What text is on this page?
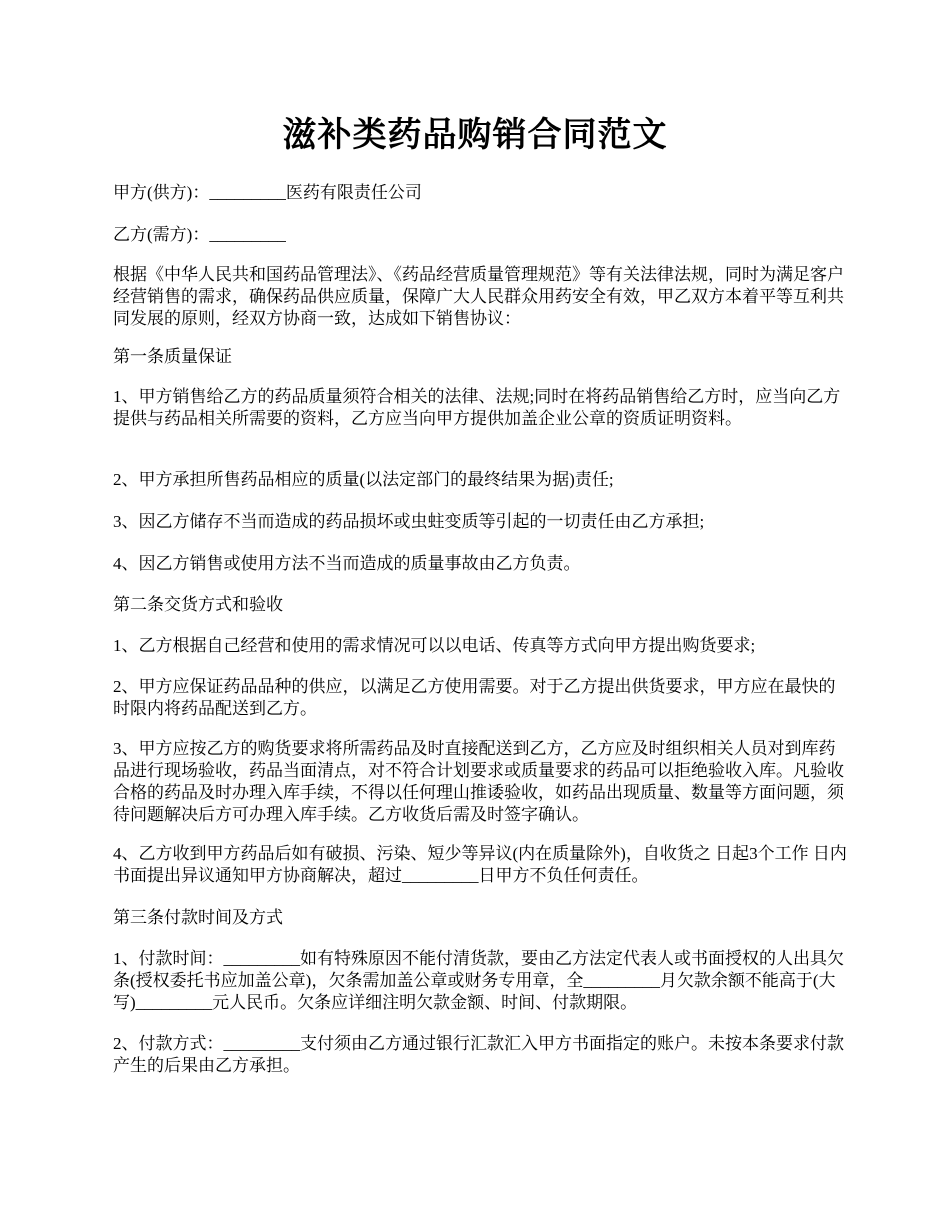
滋补类药品购销合同范文

甲方(供方)：_________医药有限责任公司

乙方(需方)：_________

根据《中华人民共和国药品管理法》、《药品经营质量管理规范》等有关法律法规，同时为满足客户经营销售的需求，确保药品供应质量，保障广大人民群众用药安全有效，甲乙双方本着平等互利共同发展的原则，经双方协商一致，达成如下销售协议：

第一条质量保证

1、甲方销售给乙方的药品质量须符合相关的法律、法规;同时在将药品销售给乙方时，应当向乙方提供与药品相关所需要的资料，乙方应当向甲方提供加盖企业公章的资质证明资料。

2、甲方承担所售药品相应的质量(以法定部门的最终结果为据)责任;

3、因乙方储存不当而造成的药品损坏或虫蛀变质等引起的一切责任由乙方承担;

4、因乙方销售或使用方法不当而造成的质量事故由乙方负责。

第二条交货方式和验收

1、乙方根据自己经营和使用的需求情况可以以电话、传真等方式向甲方提出购货要求;

2、甲方应保证药品品种的供应，以满足乙方使用需要。对于乙方提出供货要求，甲方应在最快的时限内将药品配送到乙方。

3、甲方应按乙方的购货要求将所需药品及时直接配送到乙方，乙方应及时组织相关人员对到库药品进行现场验收，药品当面清点，对不符合计划要求或质量要求的药品可以拒绝验收入库。凡验收合格的药品及时办理入库手续，不得以任何理山推诿验收，如药品出现质量、数量等方面问题，须待问题解决后方可办理入库手续。乙方收货后需及时签字确认。

4、乙方收到甲方药品后如有破损、污染、短少等异议(内在质量除外)，自收货之 日起3个工作 日内书面提出异议通知甲方协商解决，超过_________日甲方不负任何责任。

第三条付款时间及方式

1、付款时间：_________如有特殊原因不能付清货款，要由乙方法定代表人或书面授权的人出具欠条(授权委托书应加盖公章)，欠条需加盖公章或财务专用章，全_________月欠款余额不能高于(大写)_________元人民币。欠条应详细注明欠款金额、时间、付款期限。

2、付款方式：_________支付须由乙方通过银行汇款汇入甲方书面指定的账户。未按本条要求付款产生的后果由乙方承担。
